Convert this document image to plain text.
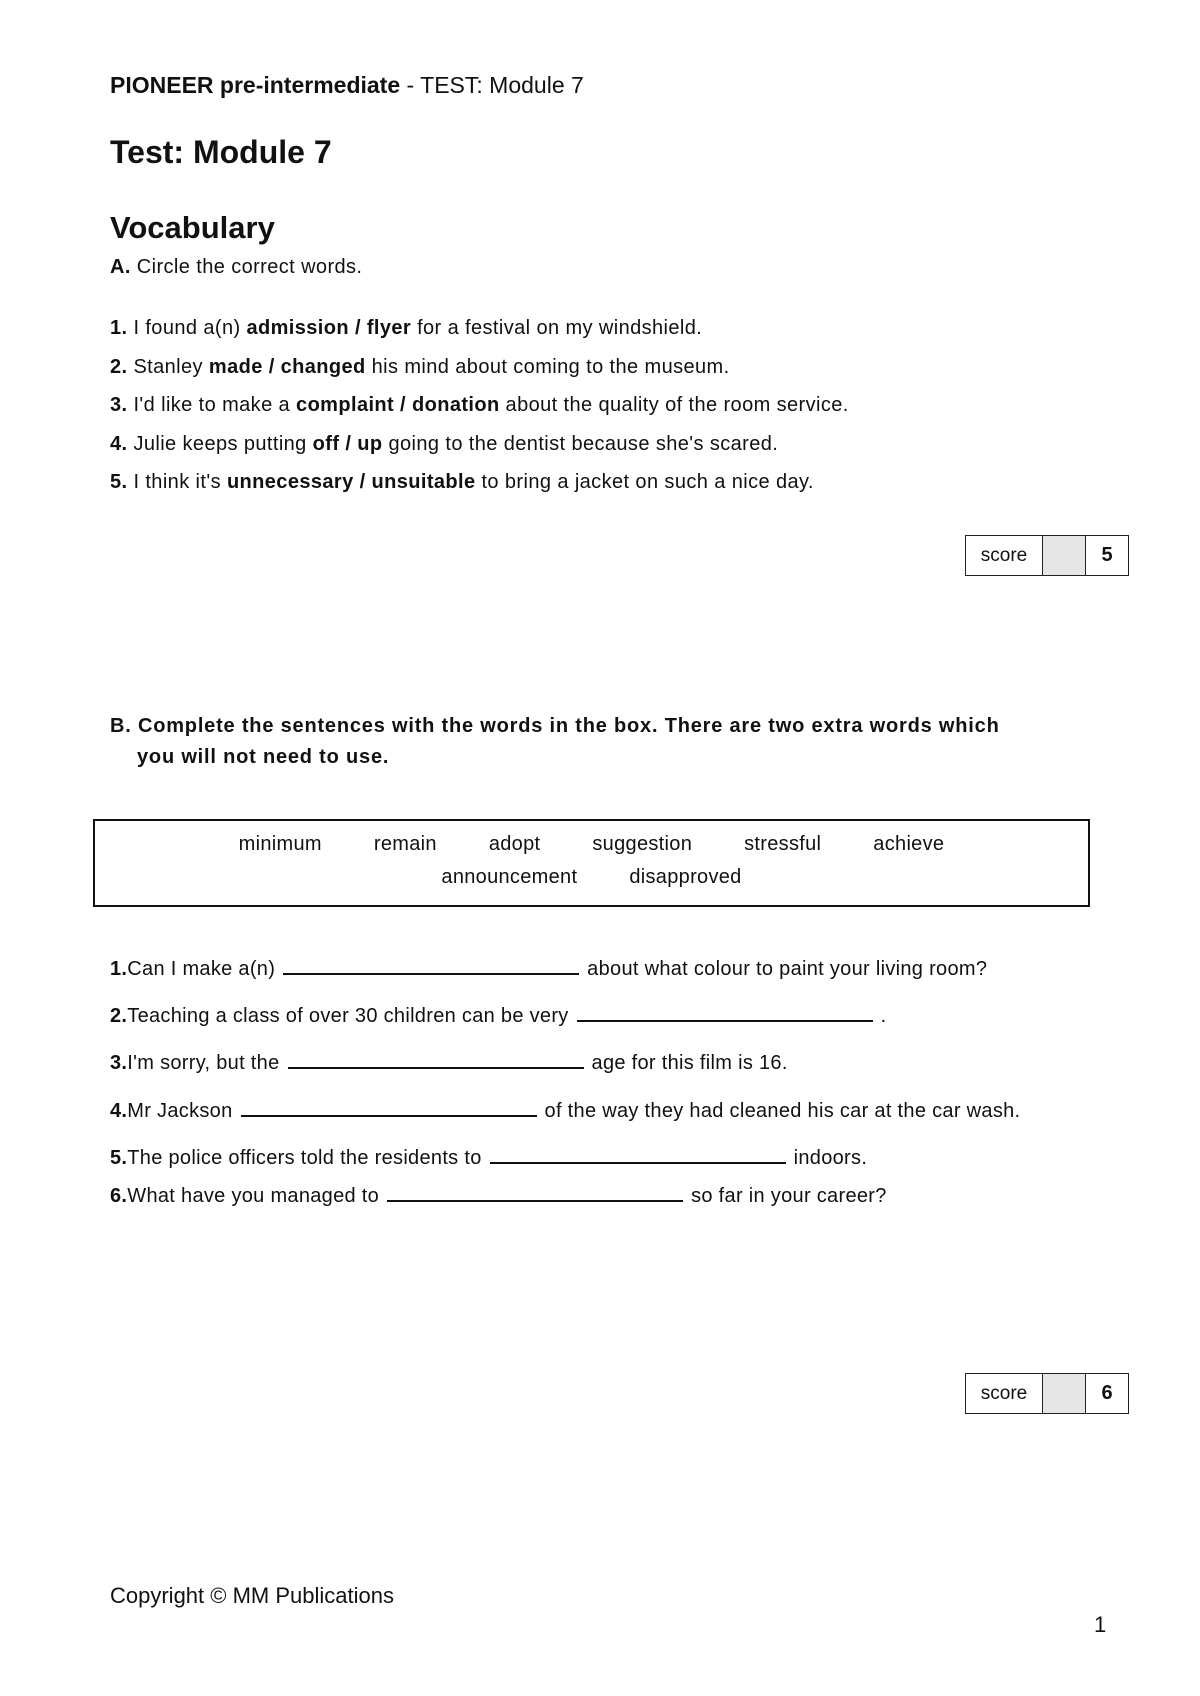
PIONEER pre-intermediate - TEST: Module 7
Test: Module 7
Vocabulary
A. Circle the correct words.
1. I found a(n) admission / flyer for a festival on my windshield.
2. Stanley made / changed his mind about coming to the museum.
3. I'd like to make a complaint / donation about the quality of the room service.
4. Julie keeps putting off / up going to the dentist because she's scared.
5. I think it's unnecessary / unsuitable to bring a jacket on such a nice day.
score	5
B. Complete the sentences with the words in the box. There are two extra words which
you will not need to use.
minimum	remain	adopt	suggestion	stressful	achieve
announcement	disapproved
1. Can I make a(n)	about what colour to paint your living room?
2. Teaching a class of over 30 children can be very	.
3. I'm sorry, but the	age for this film is 16.
4. Mr Jackson	of the way they had cleaned his car at the car wash.
5. The police officers told the residents to	indoors.
6. What have you managed to	so far in your career?
score	6
Copyright © MM Publications
1
